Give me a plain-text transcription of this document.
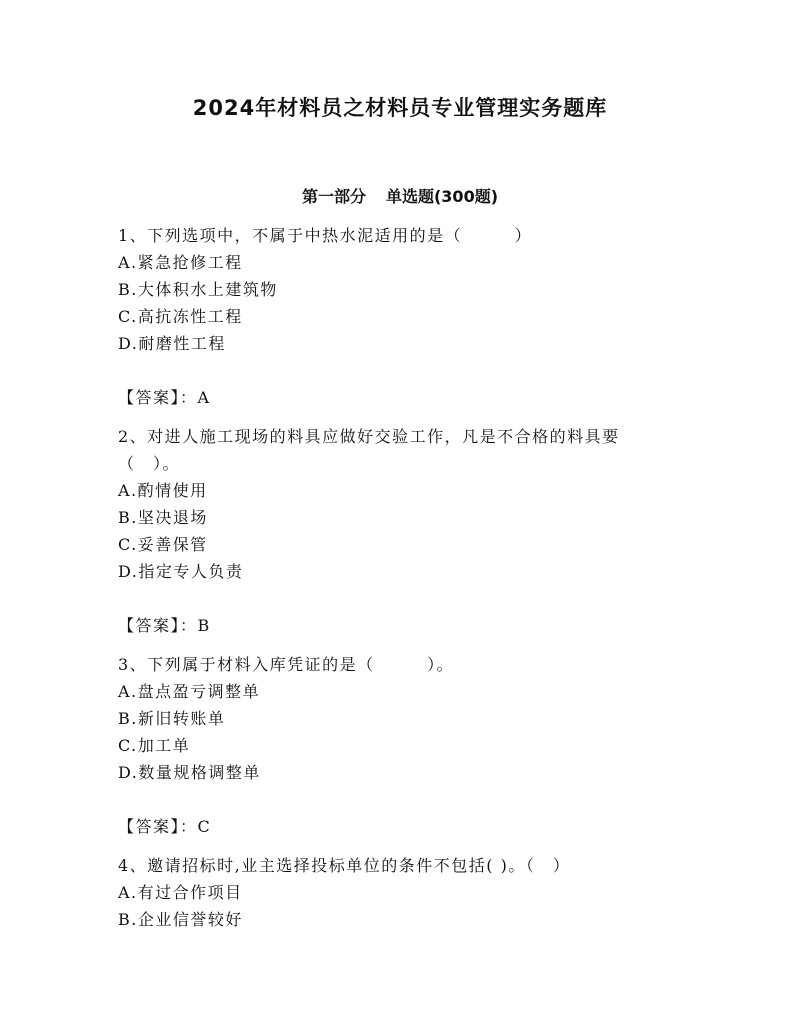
2024年材料员之材料员专业管理实务题库
第一部分 单选题(300题)
1、下列选项中，不属于中热水泥适用的是（　　　）
A.紧急抢修工程
B.大体积水上建筑物
C.高抗冻性工程
D.耐磨性工程
【答案】：A
2、对进人施工现场的料具应做好交验工作，凡是不合格的料具要（　）。
A.酌情使用
B.坚决退场
C.妥善保管
D.指定专人负责
【答案】：B
3、下列属于材料入库凭证的是（　　　）。
A.盘点盈亏调整单
B.新旧转账单
C.加工单
D.数量规格调整单
【答案】：C
4、邀请招标时,业主选择投标单位的条件不包括( )。（　）
A.有过合作项目
B.企业信誉较好
